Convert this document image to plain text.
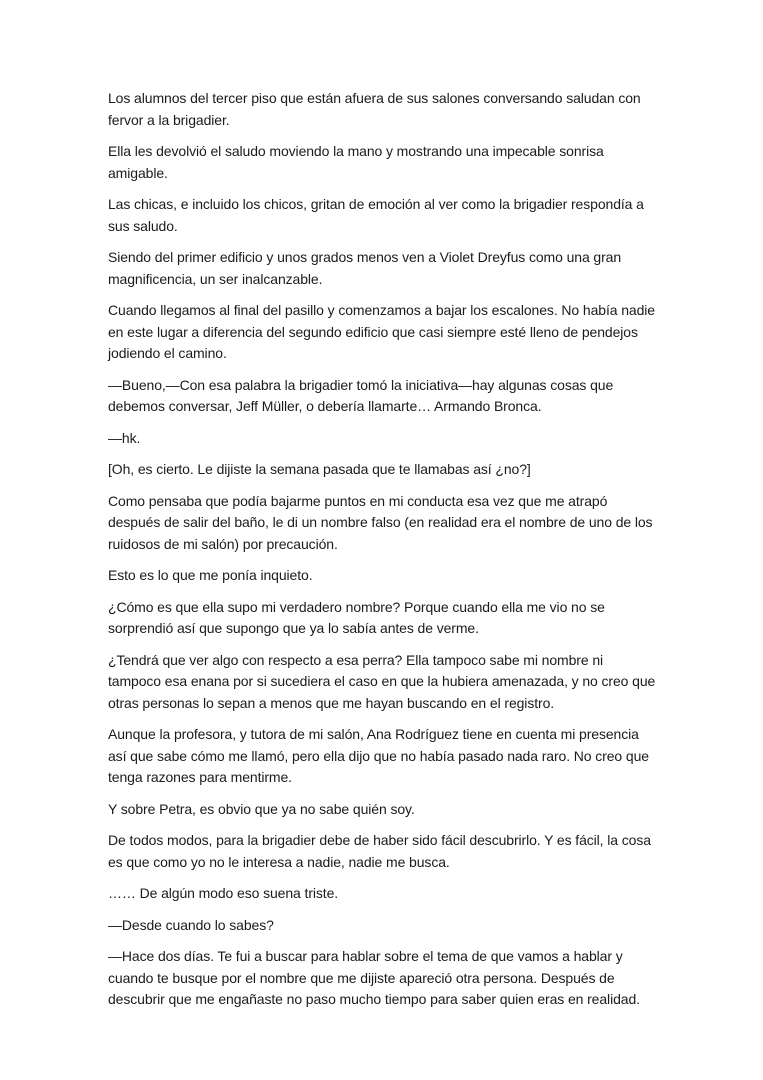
Los alumnos del tercer piso que están afuera de sus salones conversando saludan con fervor a la brigadier.

Ella les devolvió el saludo moviendo la mano y mostrando una impecable sonrisa amigable.

Las chicas, e incluido los chicos, gritan de emoción al ver como la brigadier respondía a sus saludo.

Siendo del primer edificio y unos grados menos ven a Violet Dreyfus como una gran magnificencia, un ser inalcanzable.

Cuando llegamos al final del pasillo y comenzamos a bajar los escalones. No había nadie en este lugar a diferencia del segundo edificio que casi siempre esté lleno de pendejos jodiendo el camino.

—Bueno,—Con esa palabra la brigadier tomó la iniciativa—hay algunas cosas que debemos conversar, Jeff Müller, o debería llamarte… Armando Bronca.

—hk.

[Oh, es cierto. Le dijiste la semana pasada que te llamabas así ¿no?]

Como pensaba que podía bajarme puntos en mi conducta esa vez que me atrapó después de salir del baño, le di un nombre falso (en realidad era el nombre de uno de los ruidosos de mi salón) por precaución.

Esto es lo que me ponía inquieto.

¿Cómo es que ella supo mi verdadero nombre? Porque cuando ella me vio no se sorprendió así que supongo que ya lo sabía antes de verme.

¿Tendrá que ver algo con respecto a esa perra? Ella tampoco sabe mi nombre ni tampoco esa enana por si sucediera el caso en que la hubiera amenazada, y no creo que otras personas lo sepan a menos que me hayan buscando en el registro.

Aunque la profesora, y tutora de mi salón, Ana Rodríguez tiene en cuenta mi presencia así que sabe cómo me llamó, pero ella dijo que no había pasado nada raro. No creo que tenga razones para mentirme.

Y sobre Petra, es obvio que ya no sabe quién soy.

De todos modos, para la brigadier debe de haber sido fácil descubrirlo. Y es fácil, la cosa es que como yo no le interesa a nadie, nadie me busca.

…… De algún modo eso suena triste.

—Desde cuando lo sabes?

—Hace dos días. Te fui a buscar para hablar sobre el tema de que vamos a hablar y cuando te busque por el nombre que me dijiste apareció otra persona. Después de descubrir que me engañaste no paso mucho tiempo para saber quien eras en realidad.
